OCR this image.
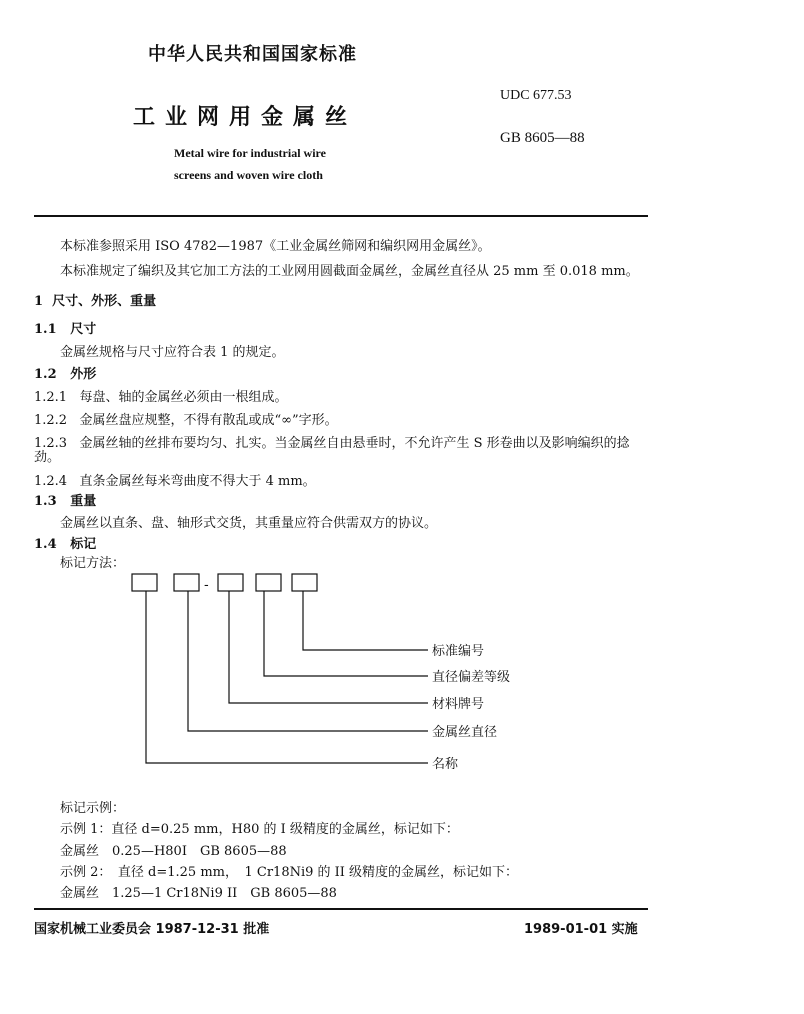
中华人民共和国国家标准
工业网用金属丝
Metal wire for industrial wire
screens and woven wire cloth
UDC 677.53
GB 8605—88
本标准参照采用 ISO 4782—1987《工业金属丝筛网和编织网用金属丝》。
本标准规定了编织及其它加工方法的工业网用圆截面金属丝，金属丝直径从 25 mm 至 0.018 mm。
1 尺寸、外形、重量
1.1 尺寸
金属丝规格与尺寸应符合表 1 的规定。
1.2 外形
1.2.1 每盘、轴的金属丝必须由一根组成。
1.2.2 金属丝盘应规整，不得有散乱或成“∞”字形。
1.2.3 金属丝轴的丝排布要均匀、扎实。当金属丝自由悬垂时，不允许产生 S 形卷曲以及影响编织的捻
劲。
1.2.4 直条金属丝每米弯曲度不得大于 4 mm。
1.3 重量
金属丝以直条、盘、轴形式交货，其重量应符合供需双方的协议。
1.4 标记
标记方法：
-
标准编号
直径偏差等级
材料牌号
金属丝直径
名称
标记示例：
示例 1：直径 d=0.25 mm，H80 的 I 级精度的金属丝，标记如下：
金属丝　0.25—H80I　GB 8605—88
示例 2：　直径 d=1.25 mm，　1 Cr18Ni9 的 II 级精度的金属丝，标记如下：
金属丝　1.25—1 Cr18Ni9 II　GB 8605—88
国家机械工业委员会 1987-12-31 批准	1989-01-01 实施
